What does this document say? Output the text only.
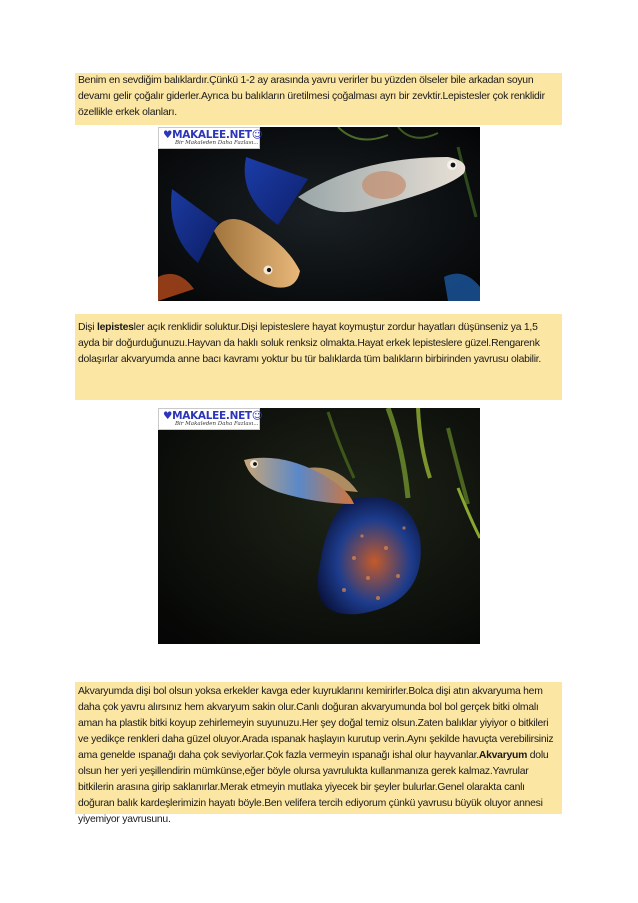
Benim en sevdiğim balıklardır.Çünkü 1-2 ay arasında yavru verirler bu yüzden ölseler bile arkadan soyun devamı gelir çoğalır giderler.Ayrıca bu balıkların üretilmesi çoğalması ayrı bir zevktir.Lepistesler çok renklidir özellikle erkek olanları.

♥MAKALEE.NET☺
Bir Makaleden Daha Fazlası...

Dişi lepistesler açık renklidir soluktur.Dişi lepisteslere hayat koymuştur zordur hayatları düşünseniz ya 1,5 ayda bir doğurduğunuzu.Hayvan da haklı soluk renksiz olmakta.Hayat erkek lepisteslere güzel.Rengarenk dolaşırlar akvaryumda anne bacı kavramı yoktur bu tür balıklarda tüm balıkların birbirinden yavrusu olabilir.

♥MAKALEE.NET☺
Bir Makaleden Daha Fazlası...

Akvaryumda dişi bol olsun yoksa erkekler kavga eder kuyruklarını kemirirler.Bolca dişi atın akvaryuma hem daha çok yavru alırsınız hem akvaryum sakin olur.Canlı doğuran akvaryumunda bol bol gerçek bitki olmalı aman ha plastik bitki koyup zehirlemeyin suyunuzu.Her şey doğal temiz olsun.Zaten balıklar yiyiyor o bitkileri ve yedikçe renkleri daha güzel oluyor.Arada ıspanak haşlayın kurutup verin.Aynı şekilde havuçta verebilirsiniz ama genelde ıspanağı daha çok seviyorlar.Çok fazla vermeyin ıspanağı ishal olur hayvanlar.Akvaryum dolu olsun her yeri yeşillendirin mümkünse,eğer böyle olursa yavrulukta kullanmanıza gerek kalmaz.Yavrular bitkilerin arasına girip saklanırlar.Merak etmeyin mutlaka yiyecek bir şeyler bulurlar.Genel olarakta canlı doğuran balık kardeşlerimizin hayatı böyle.Ben velifera tercih ediyorum çünkü yavrusu büyük oluyor annesi yiyemiyor yavrusunu.
